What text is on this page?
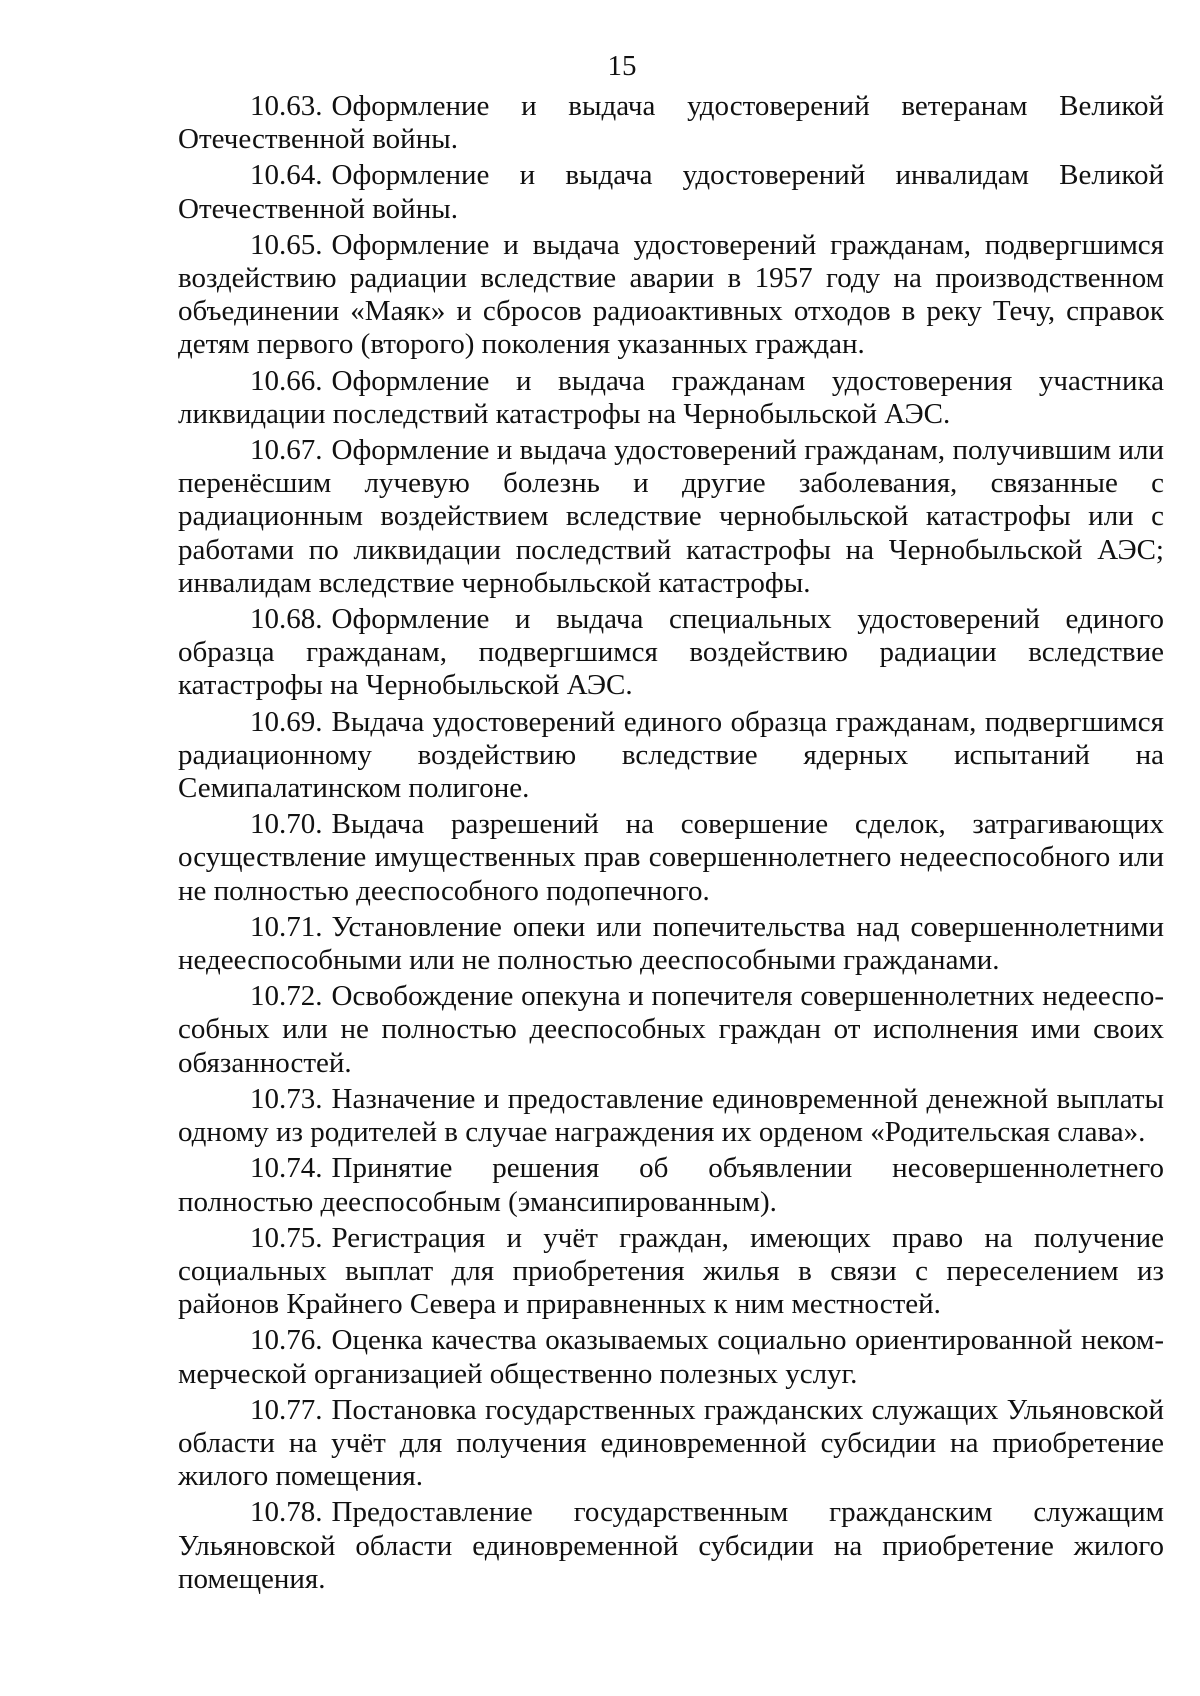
15

10.63. Оформление и выдача удостоверений ветеранам Великой Отечественной войны.

10.64. Оформление и выдача удостоверений инвалидам Великой Отечественной войны.

10.65. Оформление и выдача удостоверений гражданам, подвергшимся воздействию радиации вследствие аварии в 1957 году на производственном объединении «Маяк» и сбросов радиоактивных отходов в реку Течу, справок детям первого (второго) поколения указанных граждан.

10.66. Оформление и выдача гражданам удостоверения участника ликвидации последствий катастрофы на Чернобыльской АЭС.

10.67. Оформление и выдача удостоверений гражданам, получившим или перенёсшим лучевую болезнь и другие заболевания, связанные с радиационным воздействием вследствие чернобыльской катастрофы или с работами по ликвидации последствий катастрофы на Чернобыльской АЭС; инвалидам вследствие чернобыльской катастрофы.

10.68. Оформление и выдача специальных удостоверений единого образца гражданам, подвергшимся воздействию радиации вследствие катастрофы на Чернобыльской АЭС.

10.69. Выдача удостоверений единого образца гражданам, подвергшимся радиационному воздействию вследствие ядерных испытаний на Семипалатинском полигоне.

10.70. Выдача разрешений на совершение сделок, затрагивающих осуществление имущественных прав совершеннолетнего недееспособного или не полностью дееспособного подопечного.

10.71. Установление опеки или попечительства над совершеннолетними недееспособными или не полностью дееспособными гражданами.

10.72. Освобождение опекуна и попечителя совершеннолетних недееспособных или не полностью дееспособных граждан от исполнения ими своих обязанностей.

10.73. Назначение и предоставление единовременной денежной выплаты одному из родителей в случае награждения их орденом «Родительская слава».

10.74. Принятие решения об объявлении несовершеннолетнего полностью дееспособным (эмансипированным).

10.75. Регистрация и учёт граждан, имеющих право на получение социальных выплат для приобретения жилья в связи с переселением из районов Крайнего Севера и приравненных к ним местностей.

10.76. Оценка качества оказываемых социально ориентированной некоммерческой организацией общественно полезных услуг.

10.77. Постановка государственных гражданских служащих Ульяновской области на учёт для получения единовременной субсидии на приобретение жилого помещения.

10.78. Предоставление государственным гражданским служащим Ульяновской области единовременной субсидии на приобретение жилого помещения.
